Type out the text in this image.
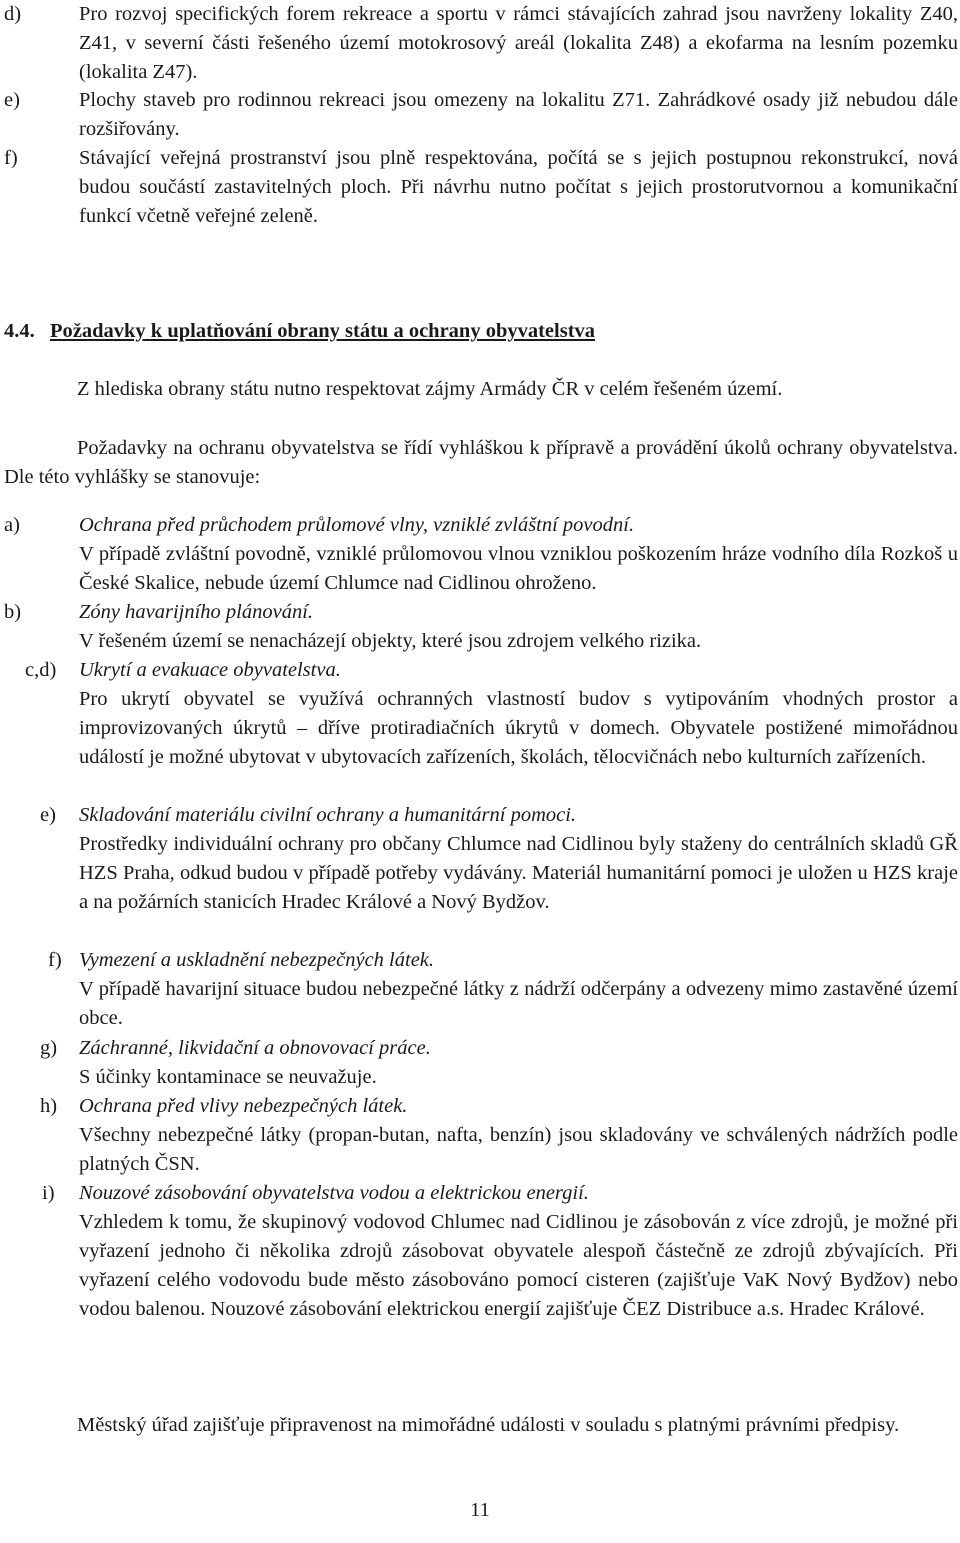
d)	Pro rozvoj specifických forem rekreace a sportu v rámci stávajících zahrad jsou navrženy lokality Z40, Z41, v severní části řešeného území motokrosový areál (lokalita Z48) a ekofarma na lesním pozemku (lokalita Z47).
e)	Plochy staveb pro rodinnou rekreaci jsou omezeny na lokalitu Z71. Zahrádkové osady již nebudou dále rozšiřovány.
f)	Stávající veřejná prostranství jsou plně respektována, počítá se s jejich postupnou rekonstrukcí, nová budou součástí zastavitelných ploch. Při návrhu nutno počítat s jejich prostorutvornou a komunikační funkcí včetně veřejné zeleně.
4.4. Požadavky k uplatňování obrany státu a ochrany obyvatelstva
Z hlediska obrany státu nutno respektovat zájmy Armády ČR v celém řešeném území.
Požadavky na ochranu obyvatelstva se řídí vyhláškou k přípravě a provádění úkolů ochrany obyvatelstva. Dle této vyhlášky se stanovuje:
a)	Ochrana před průchodem průlomové vlny, vzniklé zvláštní povodní.
V případě zvláštní povodně, vzniklé průlomovou vlnou vzniklou poškozením hráze vodního díla Rozkoš u České Skalice, nebude území Chlumce nad Cidlinou ohroženo.
b)	Zóny havarijního plánování.
V řešeném území se nenacházejí objekty, které jsou zdrojem velkého rizika.
c,d) Ukrytí a evakuace obyvatelstva.
Pro ukrytí obyvatel se využívá ochranných vlastností budov s vytipováním vhodných prostor a improvizovaných úkrytů – dříve protiradiačních úkrytů v domech. Obyvatele postižené mimořádnou událostí je možné ubytovat v ubytovacích zařízeních, školách, tělocvičnách nebo kulturních zařízeních.
e) Skladování materiálu civilní ochrany a humanitární pomoci.
Prostředky individuální ochrany pro občany Chlumce nad Cidlinou byly staženy do centrálních skladů GŘ HZS Praha, odkud budou v případě potřeby vydávány. Materiál humanitární pomoci je uložen u HZS kraje a na požárních stanicích Hradec Králové a Nový Bydžov.
f) Vymezení a uskladnění nebezpečných látek.
V případě havarijní situace budou nebezpečné látky z nádrží odčerpány a odvezeny mimo zastavěné území obce.
g) Záchranné, likvidační a obnovovací práce.
S účinky kontaminace se neuvažuje.
h) Ochrana před vlivy nebezpečných látek.
Všechny nebezpečné látky (propan-butan, nafta, benzín) jsou skladovány ve schválených nádržích podle platných ČSN.
i) Nouzové zásobování obyvatelstva vodou a elektrickou energií.
Vzhledem k tomu, že skupinový vodovod Chlumec nad Cidlinou je zásobován z více zdrojů, je možné při vyřazení jednoho či několika zdrojů zásobovat obyvatele alespoň částečně ze zdrojů zbývajících. Při vyřazení celého vodovodu bude město zásobováno pomocí cisteren (zajišťuje VaK Nový Bydžov) nebo vodou balenou. Nouzové zásobování elektrickou energií zajišťuje ČEZ Distribuce a.s. Hradec Králové.
Městský úřad zajišťuje připravenost na mimořádné události v souladu s platnými právními předpisy.
11
